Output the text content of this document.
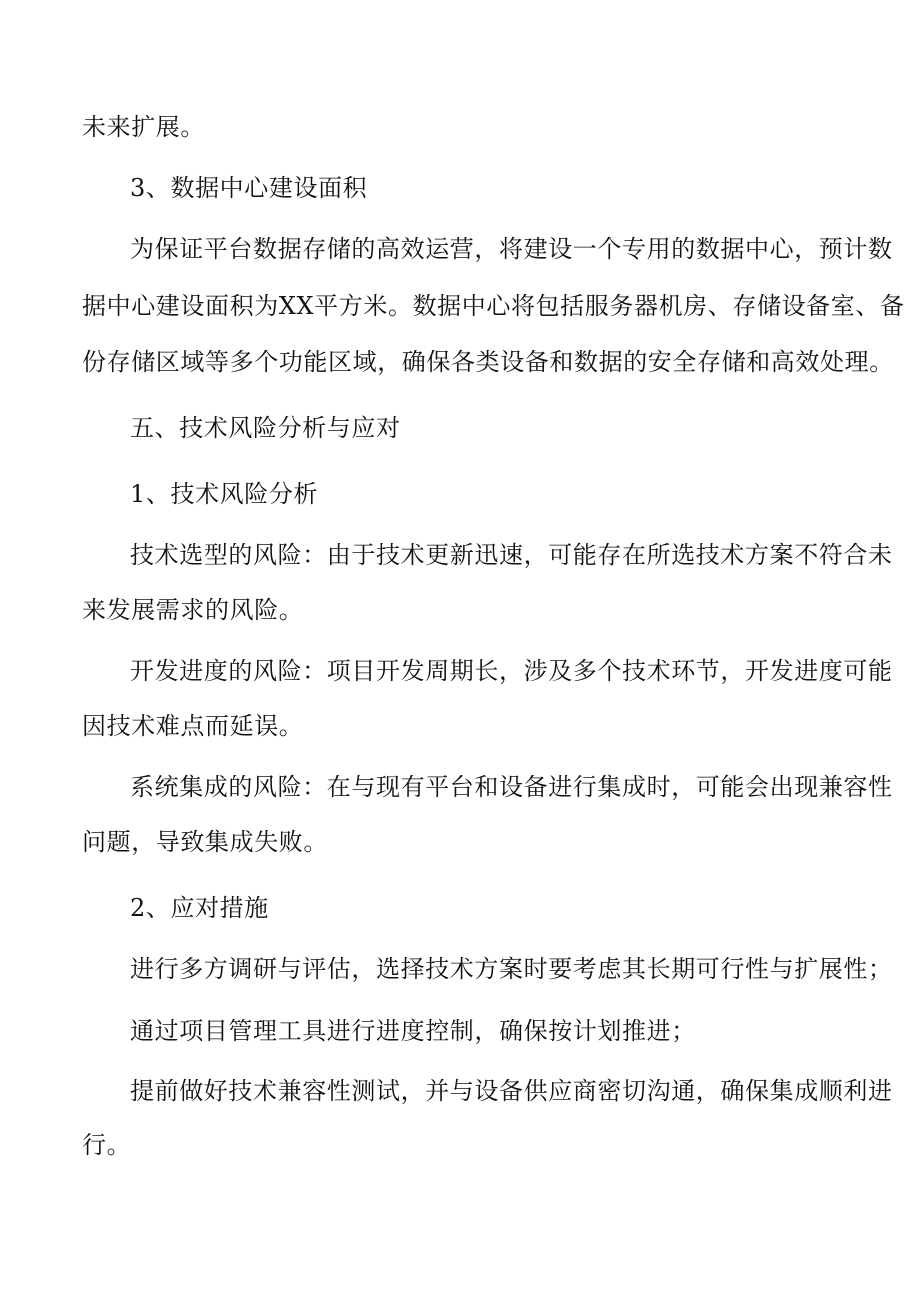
未来扩展。
3、数据中心建设面积
为保证平台数据存储的高效运营，将建设一个专用的数据中心，预计数
据中心建设面积为XX平方米。数据中心将包括服务器机房、存储设备室、备
份存储区域等多个功能区域，确保各类设备和数据的安全存储和高效处理。
五、技术风险分析与应对
1、技术风险分析
技术选型的风险：由于技术更新迅速，可能存在所选技术方案不符合未
来发展需求的风险。
开发进度的风险：项目开发周期长，涉及多个技术环节，开发进度可能
因技术难点而延误。
系统集成的风险：在与现有平台和设备进行集成时，可能会出现兼容性
问题，导致集成失败。
2、应对措施
进行多方调研与评估，选择技术方案时要考虑其长期可行性与扩展性；
通过项目管理工具进行进度控制，确保按计划推进；
提前做好技术兼容性测试，并与设备供应商密切沟通，确保集成顺利进
行。
